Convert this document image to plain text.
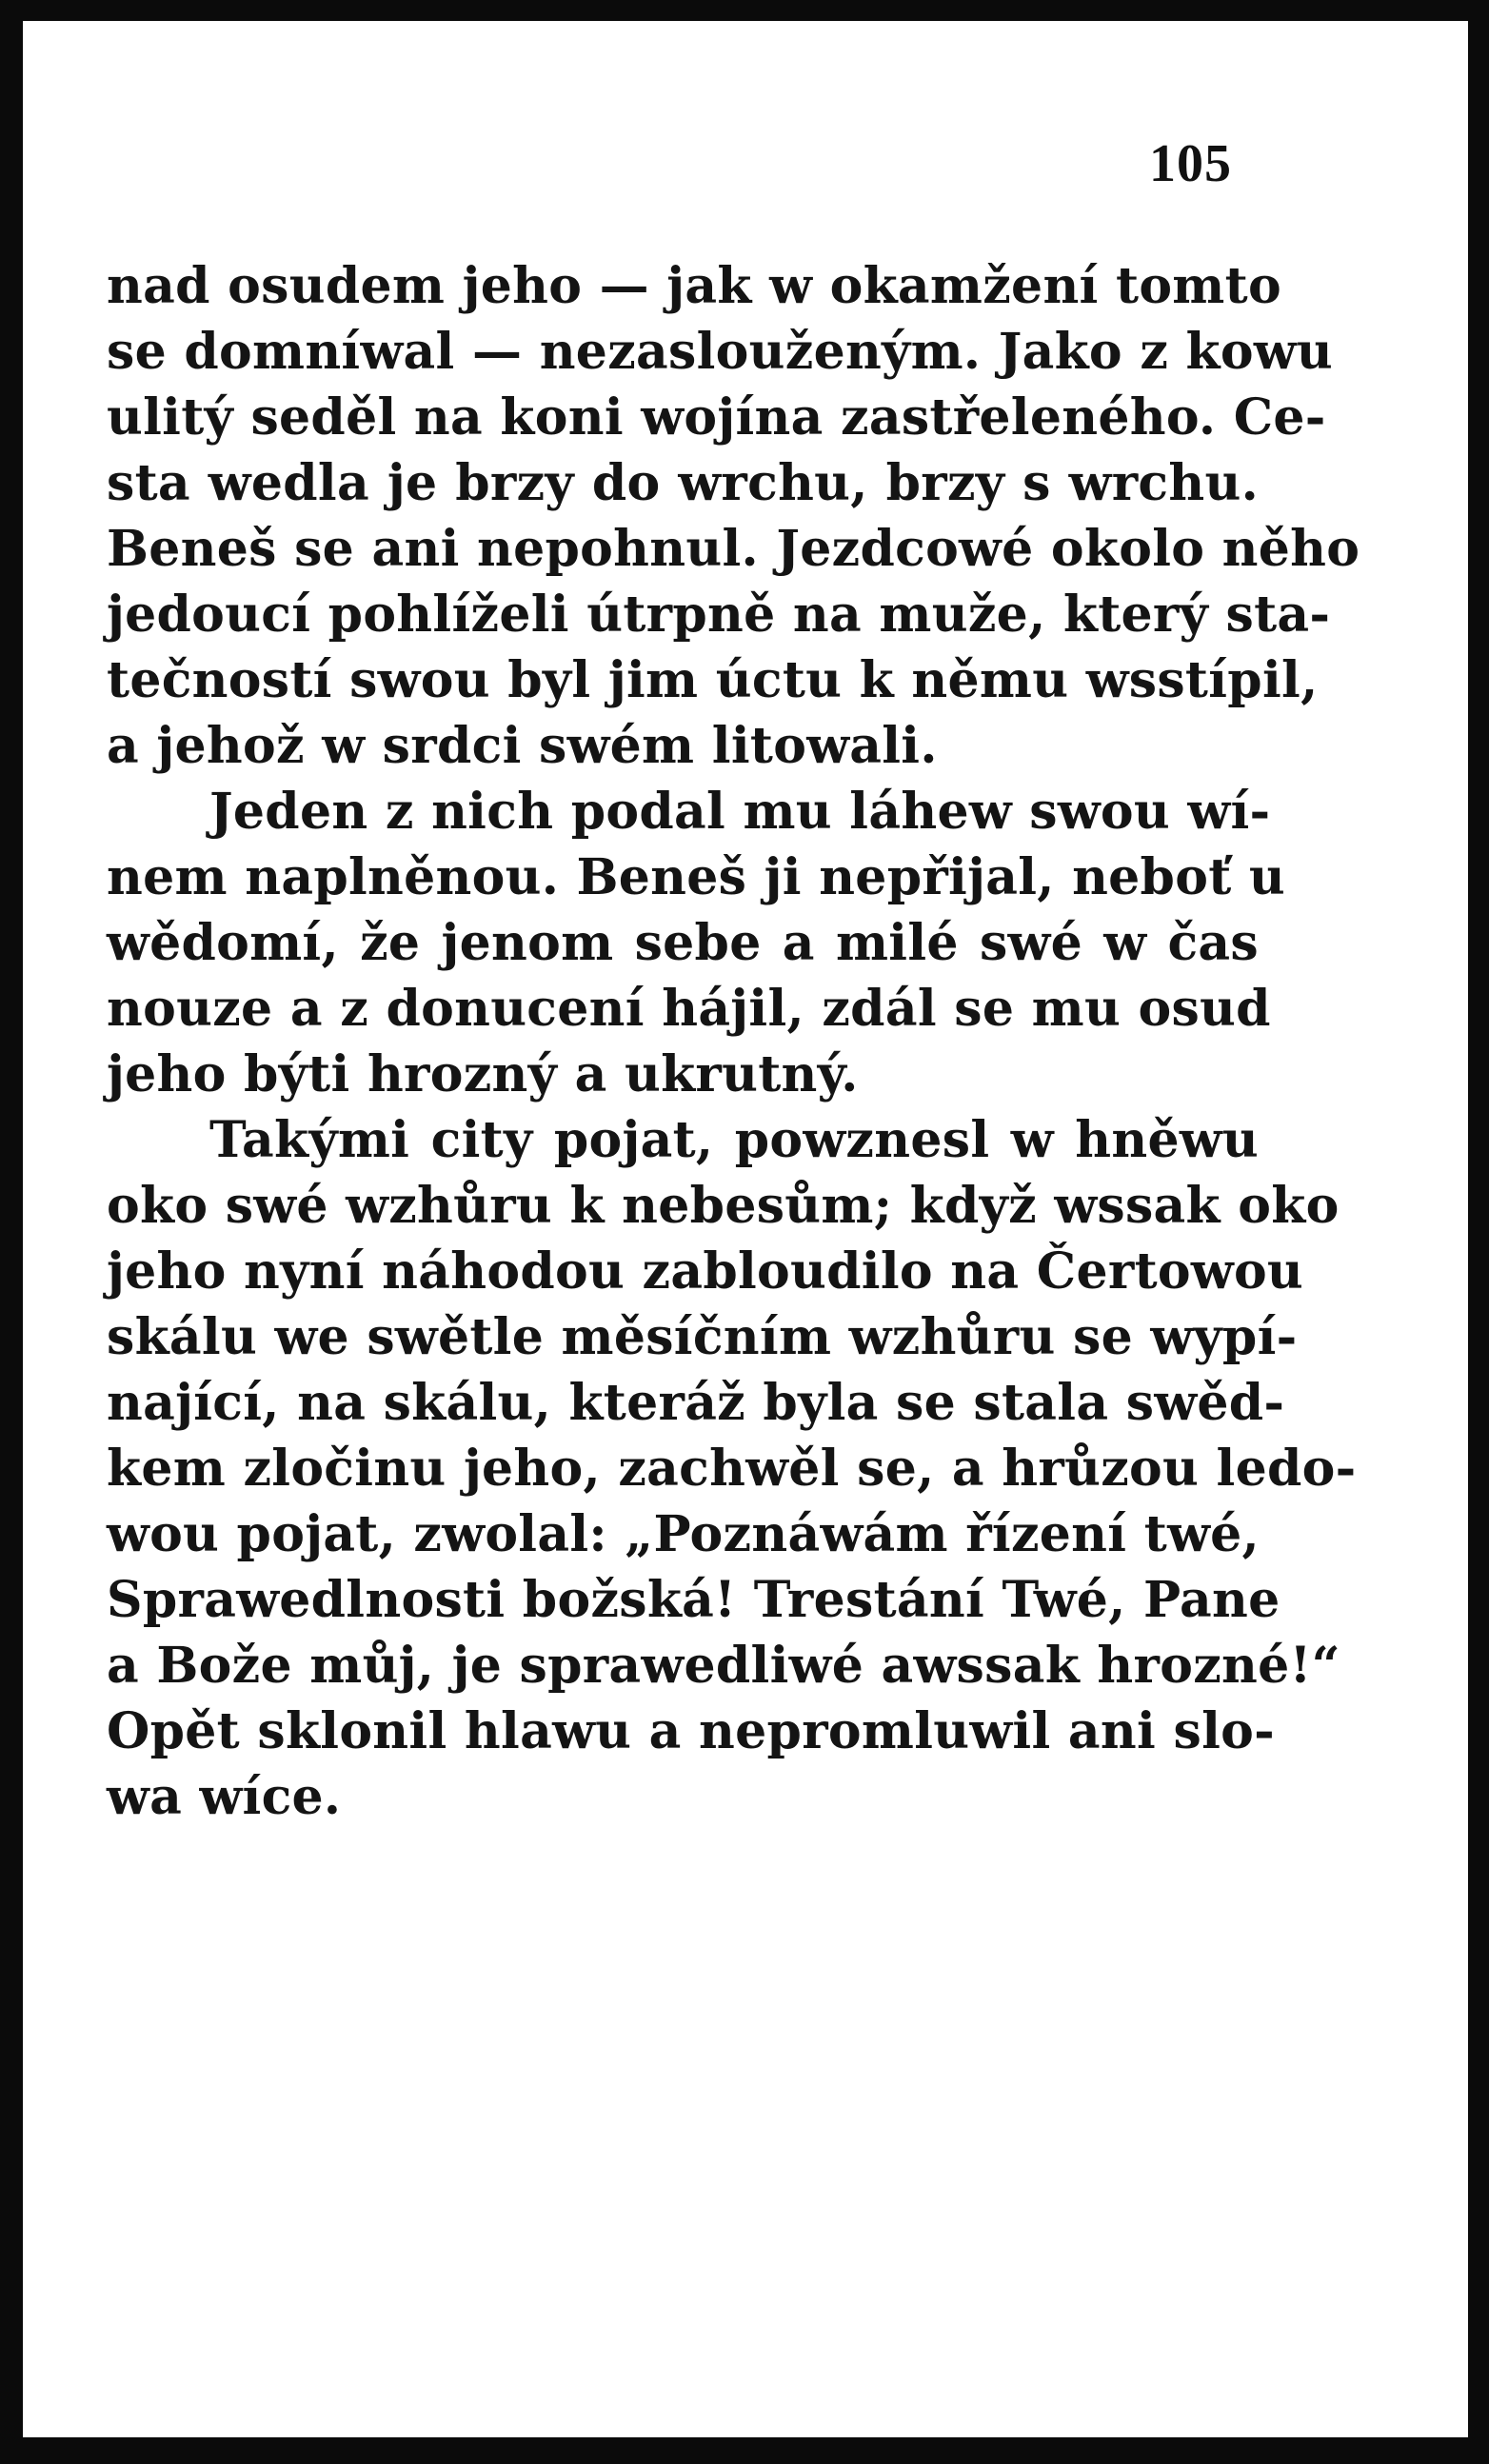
105
nad osudem jeho — jak w okamžení tomto
se domníwal — nezaslouženým. Jako z kowu
ulitý seděl na koni wojína zastřeleného. Ce-
sta wedla je brzy do wrchu, brzy s wrchu.
Beneš se ani nepohnul. Jezdcowé okolo něho
jedoucí pohlíželi útrpně na muže, který sta-
tečností swou byl jim úctu k němu wsstípil,
a jehož w srdci swém litowali.
Jeden z nich podal mu láhew swou wí-
nem naplněnou. Beneš ji nepřijal, neboť u
wědomí, že jenom sebe a milé swé w čas
nouze a z donucení hájil, zdál se mu osud
jeho býti hrozný a ukrutný.
Takými city pojat, powznesl w hněwu
oko swé wzhůru k nebesům; když wssak oko
jeho nyní náhodou zabloudilo na Čertowou
skálu we swětle měsíčním wzhůru se wypí-
nající, na skálu, kteráž byla se stala swěd-
kem zločinu jeho, zachwěl se, a hrůzou ledo-
wou pojat, zwolal: „Poznáwám řízení twé,
Sprawedlnosti božská! Trestání Twé, Pane
a Bože můj, je sprawedliwé awssak hrozné!“
Opět sklonil hlawu a nepromluwil ani slo-
wa wíce.
